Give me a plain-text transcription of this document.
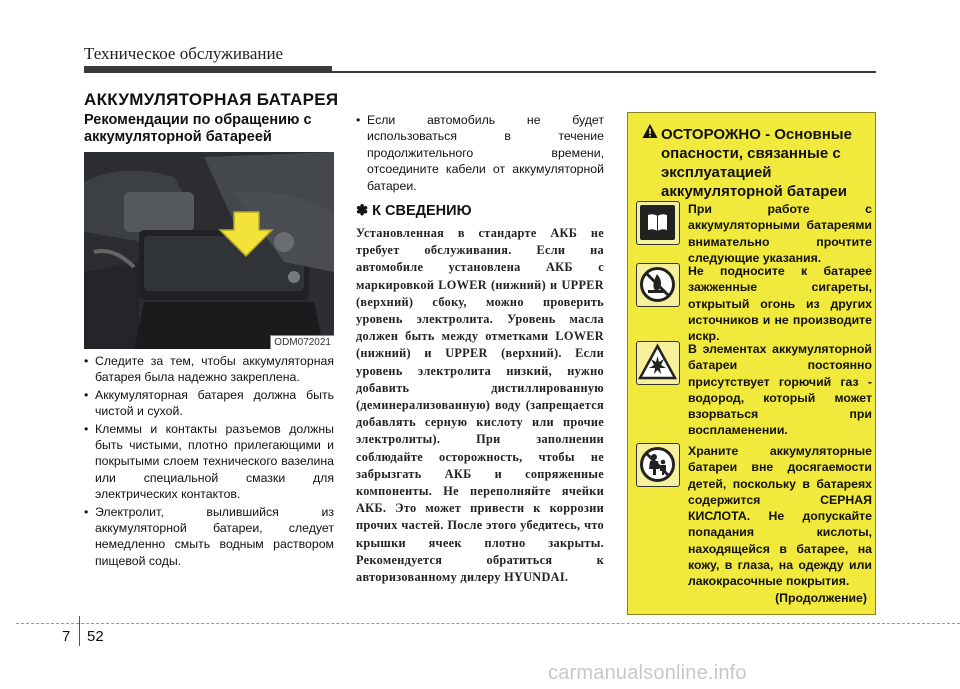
Техническое обслуживание
АККУМУЛЯТОРНАЯ БАТАРЕЯ
Рекомендации по обращению с аккумуляторной батареей
• Следите за тем, чтобы аккумуляторная батарея была надежно закреплена.
• Аккумуляторная батарея должна быть чистой и сухой.
• Клеммы и контакты разъемов должны быть чистыми, плотно прилегающими и покрытыми слоем технического вазелина или специальной смазки для электрических контактов.
• Электролит, вылившийся из аккумуляторной батареи, следует немедленно смыть водным раствором пищевой соды.
ODM072021
• Если автомобиль не будет использоваться в течение продолжительного времени, отсоедините кабели от аккумуляторной батареи.
✽ К СВЕДЕНИЮ
Установленная в стандарте АКБ не требует обслуживания. Если на автомобиле установлена АКБ с маркировкой LOWER (нижний) и UPPER (верхний) сбоку, можно проверить уровень электролита. Уровень масла должен быть между отметками LOWER (нижний) и UPPER (верхний). Если уровень электролита низкий, нужно добавить дистиллированную (деминерализованную) воду (запрещается добавлять серную кислоту или прочие электролиты). При заполнении соблюдайте осторожность, чтобы не забрызгать АКБ и сопряженные компоненты. Не переполняйте ячейки АКБ. Это может привести к коррозии прочих частей. После этого убедитесь, что крышки ячеек плотно закрыты. Рекомендуется обратиться к авторизованному дилеру HYUNDAI.
ОСТОРОЖНО - Основные опасности, связанные с эксплуатацией аккумуляторной батареи
При работе с аккумуляторными батареями внимательно прочтите следующие указания.
Не подносите к батарее зажженные сигареты, открытый огонь из других источников и не производите искр.
В элементах аккумуляторной батареи постоянно присутствует горючий газ - водород, который может взорваться при воспламенении.
Храните аккумуляторные батареи вне досягаемости детей, поскольку в батареях содержится СЕРНАЯ КИСЛОТА. Не допускайте попадания кислоты, находящейся в батарее, на кожу, в глаза, на одежду или лакокрасочные покрытия.
(Продолжение)
7 52
carmanualsonline.info
